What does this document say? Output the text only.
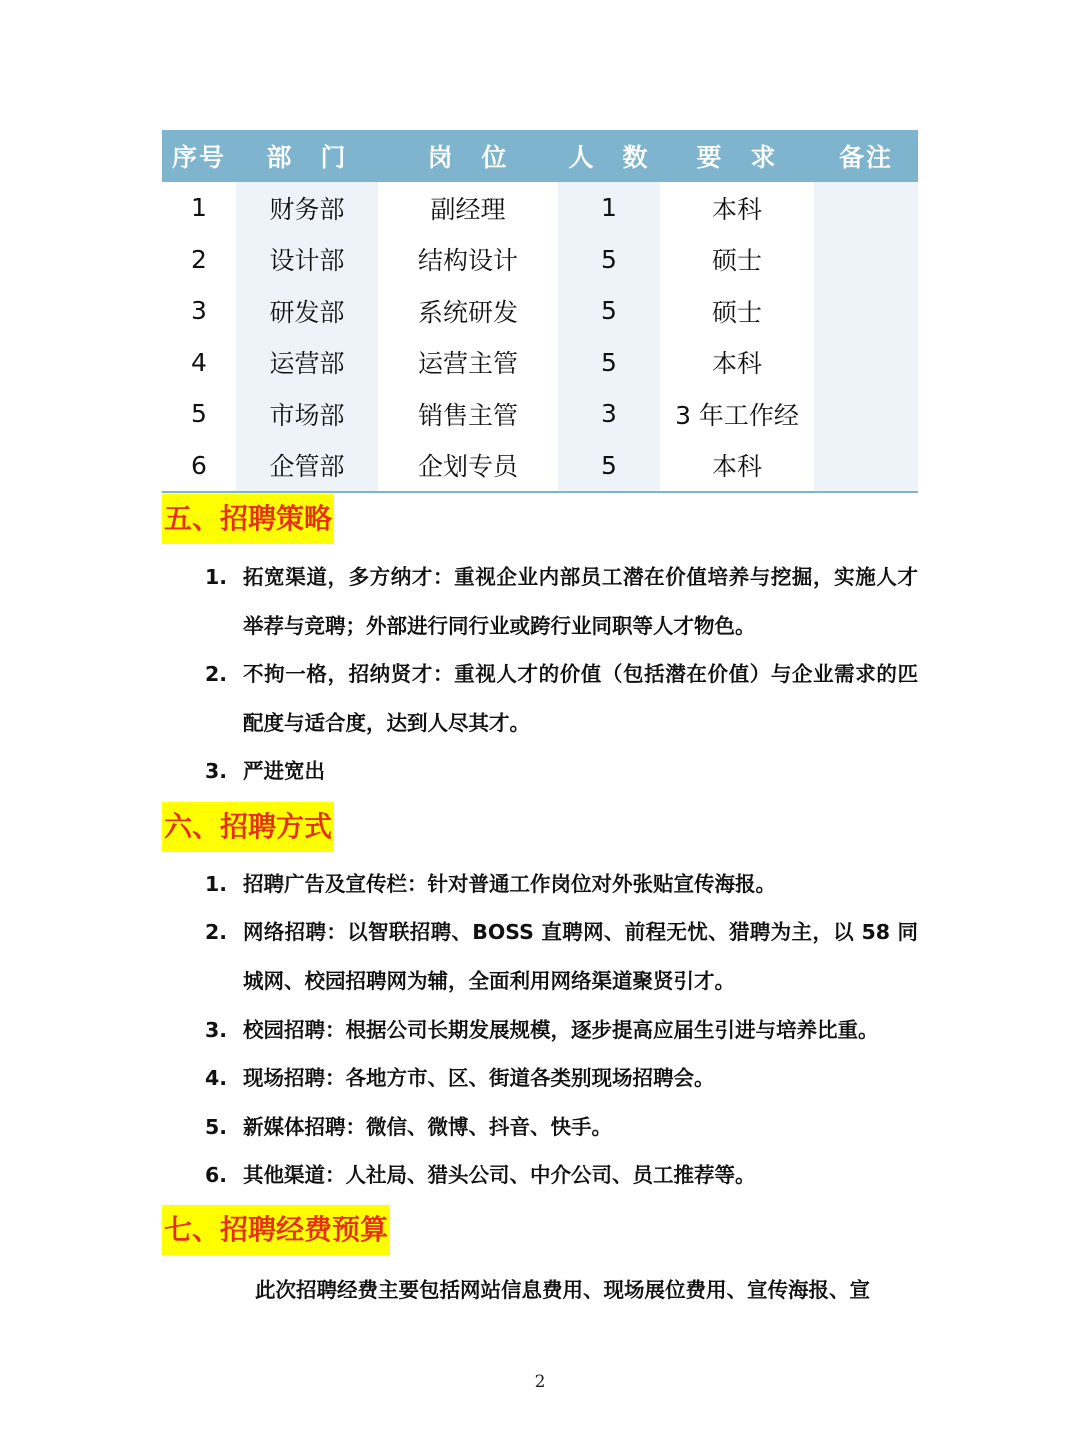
序号	部　门	岗　位	人　数	要　求	备注
1	财务部	副经理	1	本科	
2	设计部	结构设计	5	硕士	
3	研发部	系统研发	5	硕士	
4	运营部	运营主管	5	本科	
5	市场部	销售主管	3	3 年工作经	
6	企管部	企划专员	5	本科	
五、招聘策略
1. 拓宽渠道，多方纳才：重视企业内部员工潜在价值培养与挖掘，实施人才举荐与竞聘；外部进行同行业或跨行业同职等人才物色。
2. 不拘一格，招纳贤才：重视人才的价值（包括潜在价值）与企业需求的匹配度与适合度，达到人尽其才。
3. 严进宽出
六、招聘方式
1. 招聘广告及宣传栏：针对普通工作岗位对外张贴宣传海报。
2. 网络招聘：以智联招聘、BOSS 直聘网、前程无忧、猎聘为主，以 58 同城网、校园招聘网为辅，全面利用网络渠道聚贤引才。
3. 校园招聘：根据公司长期发展规模，逐步提高应届生引进与培养比重。
4. 现场招聘：各地方市、区、街道各类别现场招聘会。
5. 新媒体招聘：微信、微博、抖音、快手。
6. 其他渠道：人社局、猎头公司、中介公司、员工推荐等。
七、招聘经费预算
此次招聘经费主要包括网站信息费用、现场展位费用、宣传海报、宣
2
